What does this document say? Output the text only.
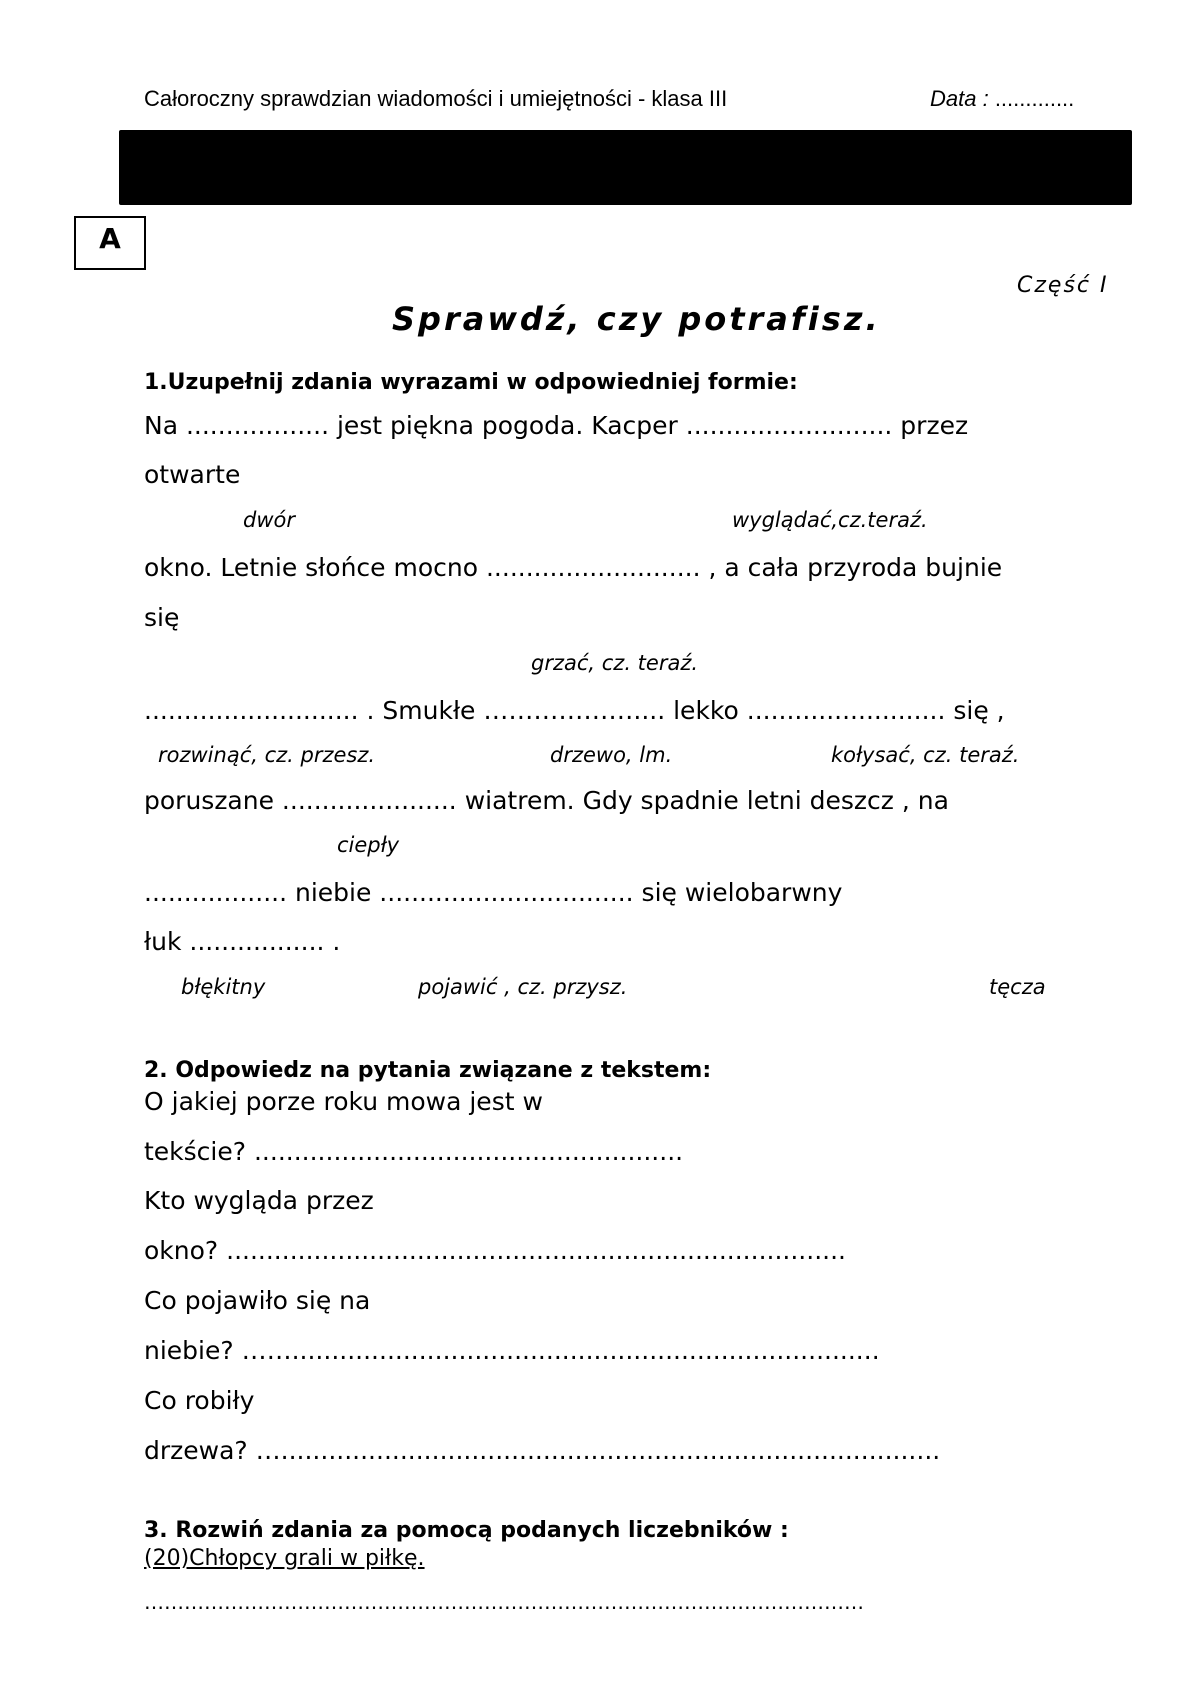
Całoroczny sprawdzian wiadomości i umiejętności - klasa III	Data : .............
A
Część I
Sprawdź, czy potrafisz.
1.Uzupełnij zdania wyrazami w odpowiedniej formie:
Na .................. jest piękna pogoda. Kacper .......................... przez
otwarte
dwór	wyglądać,cz.teraź.
okno. Letnie słońce mocno ........................... , a cała przyroda bujnie
się
grzać, cz. teraź.
........................... . Smukłe ……………….... lekko ......................... się ,
rozwinąć, cz. przesz.	drzewo, lm.	kołysać, cz. teraź.
poruszane ...................... wiatrem. Gdy spadnie letni deszcz , na
ciepły
.................. niebie ................................ się wielobarwny
łuk ................. .
błękitny	pojawić , cz. przysz.	tęcza
2. Odpowiedz na pytania związane z tekstem:
O jakiej porze roku mowa jest w
tekście? ......................................................
Kto wygląda przez
okno? ..............................................................................
Co pojawiło się na
niebie? ……..........................................................................
Co robiły
drzewa? …...................................................................................
3. Rozwiń zdania za pomocą podanych liczebników :
(20)Chłopcy grali w piłkę.
………………………………………………………………………………………………
